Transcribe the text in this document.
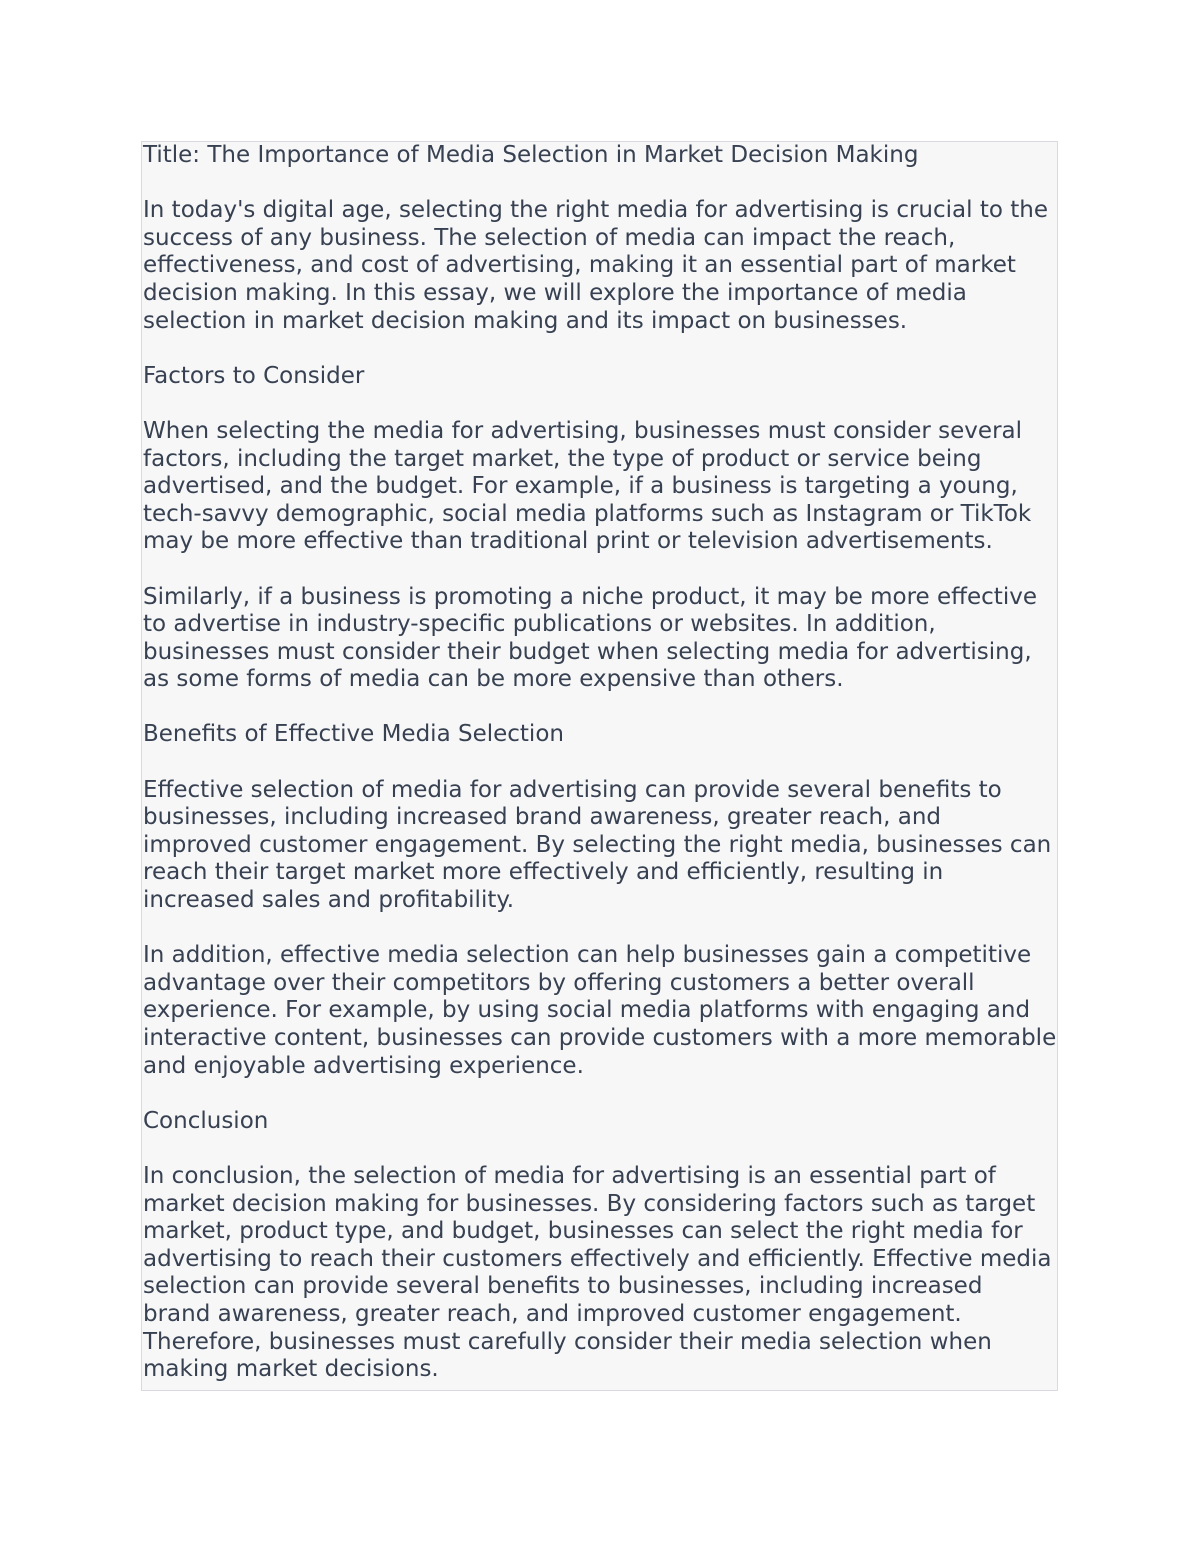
Title: The Importance of Media Selection in Market Decision Making

In today's digital age, selecting the right media for advertising is crucial to the success of any business. The selection of media can impact the reach, effectiveness, and cost of advertising, making it an essential part of market decision making. In this essay, we will explore the importance of media selection in market decision making and its impact on businesses.

Factors to Consider

When selecting the media for advertising, businesses must consider several factors, including the target market, the type of product or service being advertised, and the budget. For example, if a business is targeting a young, tech-savvy demographic, social media platforms such as Instagram or TikTok may be more effective than traditional print or television advertisements.

Similarly, if a business is promoting a niche product, it may be more effective to advertise in industry-specific publications or websites. In addition, businesses must consider their budget when selecting media for advertising, as some forms of media can be more expensive than others.

Benefits of Effective Media Selection

Effective selection of media for advertising can provide several benefits to businesses, including increased brand awareness, greater reach, and improved customer engagement. By selecting the right media, businesses can reach their target market more effectively and efficiently, resulting in increased sales and profitability.

In addition, effective media selection can help businesses gain a competitive advantage over their competitors by offering customers a better overall experience. For example, by using social media platforms with engaging and interactive content, businesses can provide customers with a more memorable and enjoyable advertising experience.

Conclusion

In conclusion, the selection of media for advertising is an essential part of market decision making for businesses. By considering factors such as target market, product type, and budget, businesses can select the right media for advertising to reach their customers effectively and efficiently. Effective media selection can provide several benefits to businesses, including increased brand awareness, greater reach, and improved customer engagement. Therefore, businesses must carefully consider their media selection when making market decisions.
